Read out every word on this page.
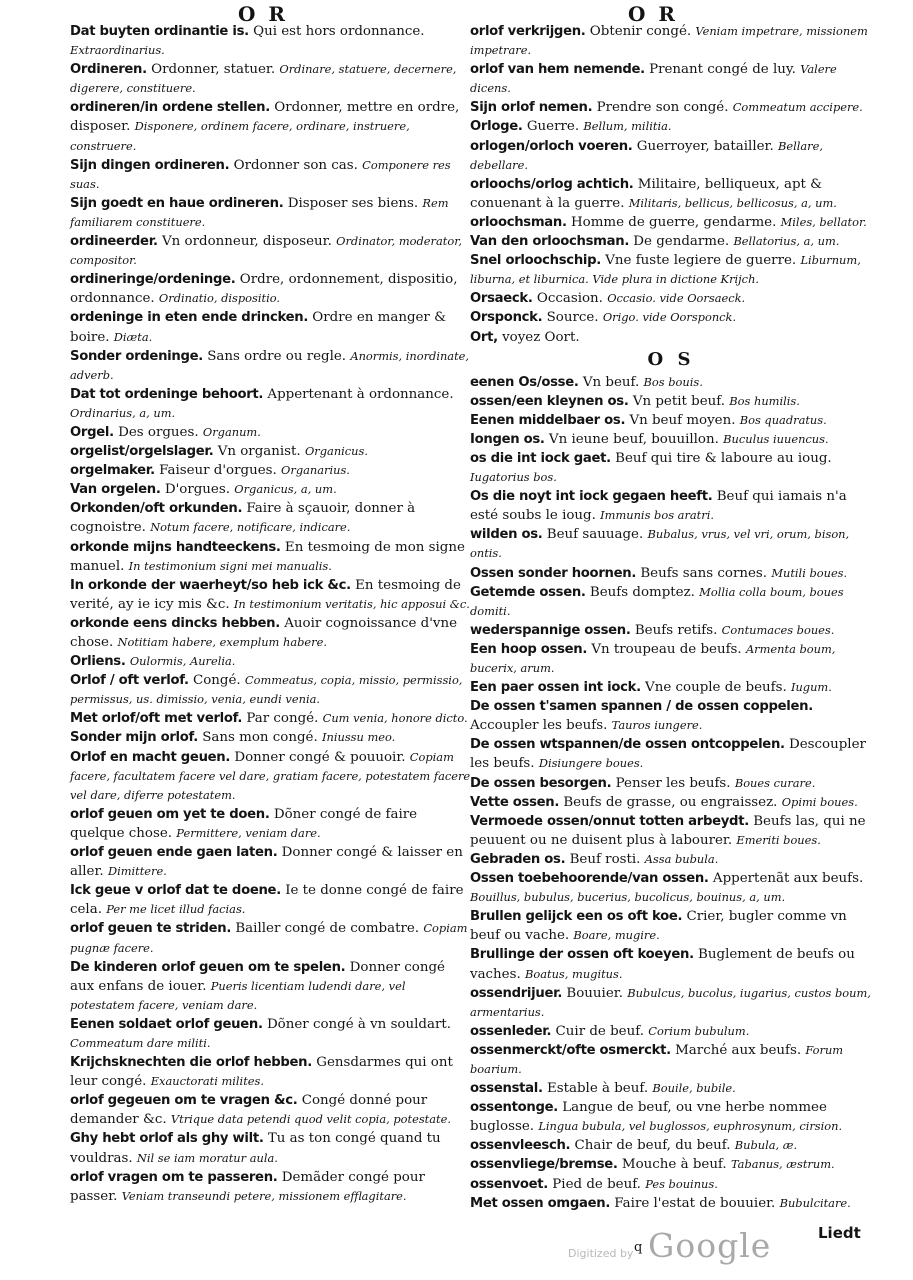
O R	O R

Dat buyten ordinantie is. Qui est hors ordonnance. Extraordinarius.

Ordineren. Ordonner, statuer. Ordinare, statuere, decernere, digerere, constituere.

ordineren/in ordene stellen. Ordonner, mettre en ordre, disposer. Disponere, ordinem facere, ordinare, instruere, construere.

Sijn dingen ordineren. Ordonner son cas. Componere res suas.

Sijn goedt en haue ordineren. Disposer ses biens. Rem familiarem constituere.

ordineerder. Vn ordonneur, disposeur. Ordinator, moderator, compositor.

ordineringe/ordeninge. Ordre, ordonnement, dispositio, ordonnance. Ordinatio, dispositio.

ordeninge in eten ende drincken. Ordre en manger & boire. Diæta.

Sonder ordeninge. Sans ordre ou regle. Anormis, inordinate, adverb.

Dat tot ordeninge behoort. Appertenant à ordonnance. Ordinarius, a, um.

Orgel. Des orgues. Organum.

orgelist/orgelslager. Vn organist. Organicus.

orgelmaker. Faiseur d'orgues. Organarius.

Van orgelen. D'orgues. Organicus, a, um.

Orkonden/oft orkunden. Faire à sçauoir, donner à cognoistre. Notum facere, notificare, indicare.

orkonde mijns handteeckens. En tesmoing de mon signe manuel. In testimonium signi mei manualis.

In orkonde der waerheyt/so heb ick &c. En tesmoing de verité, ay ie icy mis &c. In testimonium veritatis, hic apposui &c.

orkonde eens dincks hebben. Auoir cognoissance d'vne chose. Notitiam habere, exemplum habere.

Orliens. Oulormis, Aurelia.

Orlof / oft verlof. Congé. Commeatus, copia, missio, permissio, permissus, us. dimissio, venia, eundi venia.

Met orlof/oft met verlof. Par congé. Cum venia, honore dicto.

Sonder mijn orlof. Sans mon congé. Iniussu meo.

Orlof en macht geuen. Donner congé & pouuoir. Copiam facere, facultatem facere vel dare, gratiam facere, potestatem facere vel dare, diferre potestatem.

orlof geuen om yet te doen. Dõner congé de faire quelque chose. Permittere, veniam dare.

orlof geuen ende gaen laten. Donner congé & laisser en aller. Dimittere.

Ick geue v orlof dat te doene. Ie te donne congé de faire cela. Per me licet illud facias.

orlof geuen te striden. Bailler congé de combatre. Copiam pugnæ facere.

De kinderen orlof geuen om te spelen. Donner congé aux enfans de iouer. Pueris licentiam ludendi dare, vel potestatem facere, veniam dare.

Eenen soldaet orlof geuen. Dõner congé à vn souldart. Commeatum dare militi.

Krijchsknechten die orlof hebben. Gensdarmes qui ont leur congé. Exauctorati milites.

orlof gegeuen om te vragen &c. Congé donné pour demander &c. Vtrique data petendi quod velit copia, potestate.

Ghy hebt orlof als ghy wilt. Tu as ton congé quand tu vouldras. Nil se iam moratur aula.

orlof vragen om te passeren. Demãder congé pour passer. Veniam transeundi petere, missionem efflagitare.

orlof verkrijgen. Obtenir congé. Veniam impetrare, missionem impetrare.

orlof van hem nemende. Prenant congé de luy. Valere dicens.

Sijn orlof nemen. Prendre son congé. Commeatum accipere.

Orloge. Guerre. Bellum, militia.

orlogen/orloch voeren. Guerroyer, batailler. Bellare, debellare.

orloochs/orlog achtich. Militaire, belliqueux, apt & conuenant à la guerre. Militaris, bellicus, bellicosus, a, um.

orloochsman. Homme de guerre, gendarme. Miles, bellator.

Van den orloochsman. De gendarme. Bellatorius, a, um.

Snel orloochschip. Vne fuste legiere de guerre. Liburnum, liburna, et liburnica. Vide plura in dictione Krijch.

Orsaeck. Occasion. Occasio. vide Oorsaeck.

Orsponck. Source. Origo. vide Oorsponck.

Ort, voyez Oort.

O S

eenen Os/osse. Vn beuf. Bos bouis.

ossen/een kleynen os. Vn petit beuf. Bos humilis.

Eenen middelbaer os. Vn beuf moyen. Bos quadratus.

Iongen os. Vn ieune beuf, bouuillon. Buculus iuuencus.

os die int iock gaet. Beuf qui tire & laboure au ioug. Iugatorius bos.

Os die noyt int iock gegaen heeft. Beuf qui iamais n'a esté soubs le ioug. Immunis bos aratri.

wilden os. Beuf sauuage. Bubalus, vrus, vel vri, orum, bison, ontis.

Ossen sonder hoornen. Beufs sans cornes. Mutili boues.

Getemde ossen. Beufs domptez. Mollia colla boum, boues domiti.

wederspannige ossen. Beufs retifs. Contumaces boues.

Een hoop ossen. Vn troupeau de beufs. Armenta boum, bucerix, arum.

Een paer ossen int iock. Vne couple de beufs. Iugum.

De ossen t'samen spannen / de ossen coppelen. Accoupler les beufs. Tauros iungere.

De ossen wtspannen/de ossen ontcoppelen. Descoupler les beufs. Disiungere boues.

De ossen besorgen. Penser les beufs. Boues curare.

Vette ossen. Beufs de grasse, ou engraissez. Opimi boues.

Vermoede ossen/onnut totten arbeydt. Beufs las, qui ne peuuent ou ne duisent plus à labourer. Emeriti boues.

Gebraden os. Beuf rosti. Assa bubula.

Ossen toebehoorende/van ossen. Appertenãt aux beufs. Bouillus, bubulus, bucerius, bucolicus, bouinus, a, um.

Brullen gelijck een os oft koe. Crier, bugler comme vn beuf ou vache. Boare, mugire.

Brullinge der ossen oft koeyen. Buglement de beufs ou vaches. Boatus, mugitus.

ossendrijuer. Bouuier. Bubulcus, bucolus, iugarius, custos boum, armentarius.

ossenleder. Cuir de beuf. Corium bubulum.

ossenmerckt/ofte osmerckt. Marché aux beufs. Forum boarium.

ossenstal. Estable à beuf. Bouile, bubile.

ossentonge. Langue de beuf, ou vne herbe nommee buglosse. Lingua bubula, vel buglossos, euphrosynum, cirsion.

ossenvleesch. Chair de beuf, du beuf. Bubula, æ.

ossenvliege/bremse. Mouche à beuf. Tabanus, æstrum.

ossenvoet. Pied de beuf. Pes bouinus.

Met ossen omgaen. Faire l'estat de bouuier. Bubulcitare.

Digitized by q Google	Liedt
